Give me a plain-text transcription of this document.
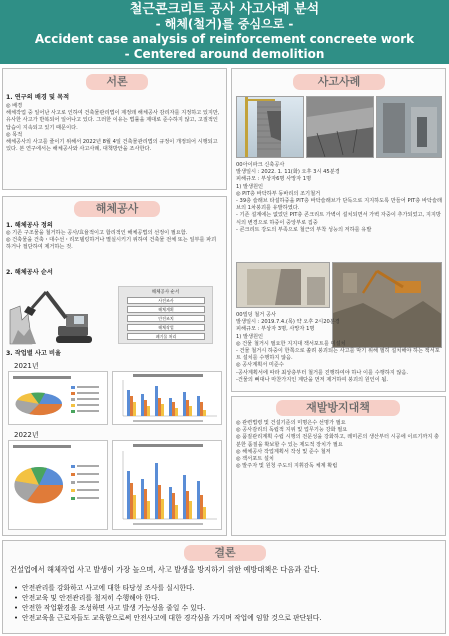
철근콘크리트 공사 사고사례 분석
- 해체(철거)를 중심으로 -
Accident case analysis of reinforcement concreete work
- Centered around demolition
서론
1. 연구의 배경 및 목적
◎ 배경
해체작업 중 일어난 사고로 인하여 건축물관리법이 제정돼 해체공사 감리자를 지정하고 있지만, 유사한 사고가 반복되어 일어나고 있다. 그러한 이유는 법률을 제대로 준수하지 않고, 고질적인 답습이 지속되고 있기 때문이다.
◎ 목적
해체공사의 사고를 줄이기 위해서 2022년 8월 4일 건축물관리법의 규정이 개정되어 시행되고 있다. 본 연구에서는 해체공사와 사고사례, 대책방안을 조사한다.
해체공사
1. 해체공사 정의
◎ 기존 구조물을 철거하는 공사/효율적이고 합리적인 해체공법의 선정이 필요함.
◎ 건축물을 건축・대수선・리모델링하거나 멸실시키기 위하여 건축물 전체 또는 일부를 파괴하거나 절단하여 제거하는 것.
2. 해체공사 순서
해체공사 순서
사전조사
해체계획
안전조치
해체작업
폐기물 처리
3. 작업별 사고 비율
2021년
2022년
사고사례
00아이파크 신축공사
발생일시 : 2022. 1. 11(화) 오후 3시 45분경
피해규모 : 부상자6명 사망자 1명
1) 발생원인
◎ PIT층 바닥하부 동바리의 조기철거
- 39층 슬래브 타설하중을 PIT층 바닥슬래브가 단독으로 지지하도록 만들어 PIT층 바닥슬래브의 1차붕괴를 유발하였다.
- 기존 설계에는 없었던 PIT층 콘크리트 가벽이 설치되면서 가벽 자중이 추가되었고, 지지방식의 변경으로 하중이 중앙부로 집중
- 콘크리트 강도의 부족으로 철근의 부착 성능의 저하를 유발
00빌딩 철거 공사
발생일시 : 2019.7.4.(목) 약 오후 2시20분경
피해규모 : 부상자 3명, 사망자 1명
1) 발생원인
◎ 건물 철거시 필요한 지지대 잭서포트를 미설치
- 건물 철거시 하중이 한쪽으로 쏠려 붕괴되는 사고를 막기 위해 필히 설치해야 하는 잭서포트 설치를 수행하지 않음.
◎ 공사계획서 미준수
-공사계획서에 따라 최상층부터 철거를 진행하여야 하나 이를 수행하지 않음.
-건물의 뼈대나 마찬가지인 계단을 먼저 제거하여 붕괴의 원인이 됨.
재발방지대책
◎ 관련법령 및 건설기준의 미명은수 선명가 필요
◎ 공사감리의 독립적 지위 및 업무기능 강화 필요
◎ 품질관리계획 수립 시행의 전문성을 강화하고, 레미콘의 생산부터 시공에 이르기까지 충분한 품질을 확보할 수 있는 제도적 장치가 필요
◎ 해체공사 작업계획서 작성 및 준수 철저
◎ 잭서포트 설치
◎ 발주자 및 원청 주도의 지휘감독 체계 확립
결론
건설업에서 해체작업 사고 발생이 가장 높으며, 사고 발생을 방지하기 위한 예방대책은 다음과 같다.
• 안전관리를 강화하고 사고에 대한 타당성 조사를 실시한다.
• 안전교육 및 안전관리를 철저히 수행해야 한다.
• 안전한 작업환경을 조성하면 사고 발생 가능성을 줄일 수 있다.
• 안전교육을 근로자들도 교육함으로써 안전사고에 대한 경각심을 가지며 작업에 임할 것으로 판단된다.
